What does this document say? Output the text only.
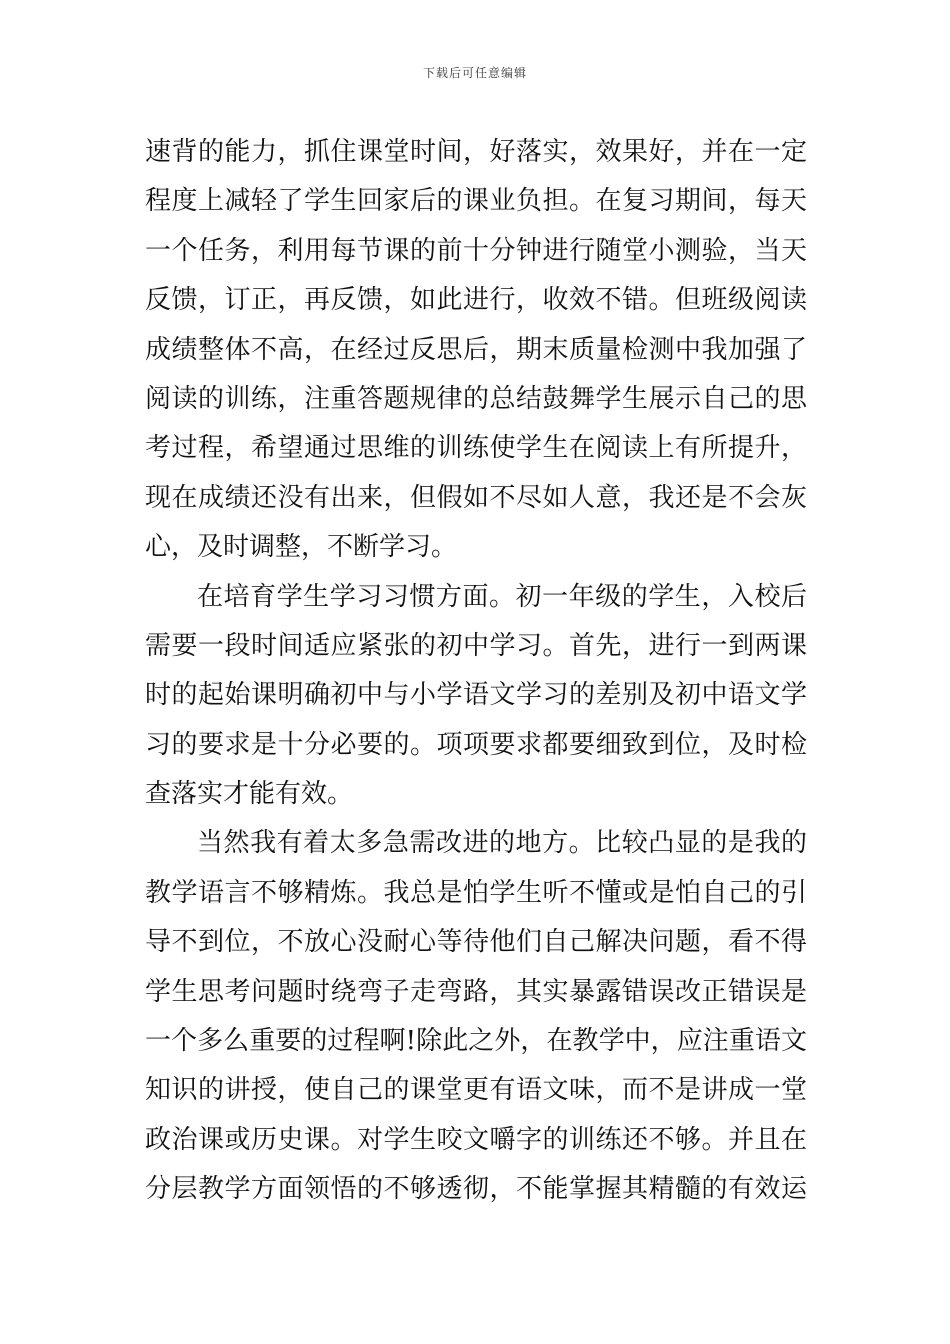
下载后可任意编辑
速背的能力，抓住课堂时间，好落实，效果好，并在一定
程度上减轻了学生回家后的课业负担。在复习期间，每天
一个任务，利用每节课的前十分钟进行随堂小测验，当天
反馈，订正，再反馈，如此进行，收效不错。但班级阅读
成绩整体不高，在经过反思后，期末质量检测中我加强了
阅读的训练，注重答题规律的总结鼓舞学生展示自己的思
考过程，希望通过思维的训练使学生在阅读上有所提升，
现在成绩还没有出来，但假如不尽如人意，我还是不会灰
心，及时调整，不断学习。
在培育学生学习习惯方面。初一年级的学生，入校后
需要一段时间适应紧张的初中学习。首先，进行一到两课
时的起始课明确初中与小学语文学习的差别及初中语文学
习的要求是十分必要的。项项要求都要细致到位，及时检
查落实才能有效。
当然我有着太多急需改进的地方。比较凸显的是我的
教学语言不够精炼。我总是怕学生听不懂或是怕自己的引
导不到位，不放心没耐心等待他们自己解决问题，看不得
学生思考问题时绕弯子走弯路，其实暴露错误改正错误是
一个多么重要的过程啊!除此之外，在教学中，应注重语文
知识的讲授，使自己的课堂更有语文味，而不是讲成一堂
政治课或历史课。对学生咬文嚼字的训练还不够。并且在
分层教学方面领悟的不够透彻，不能掌握其精髓的有效运
